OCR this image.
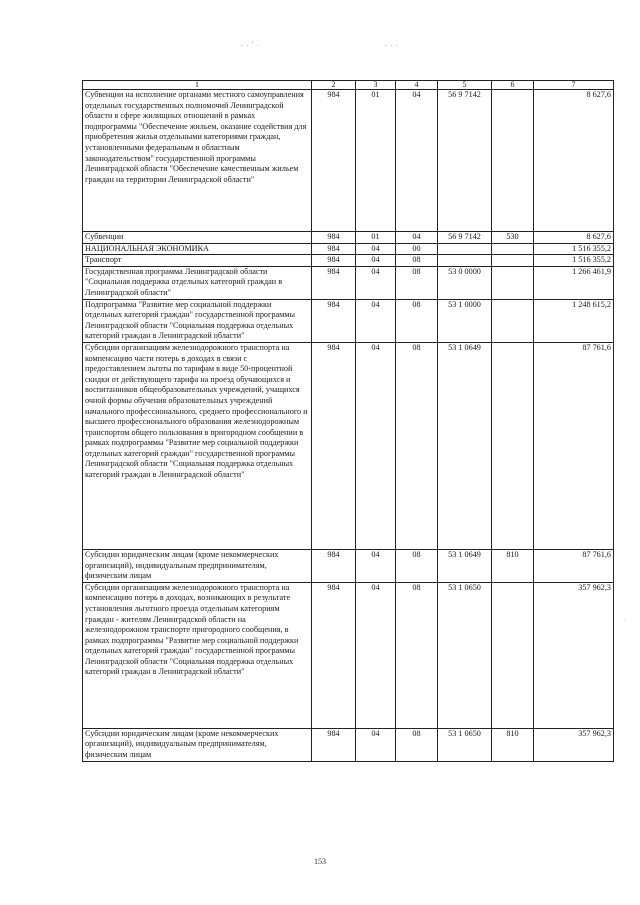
. . ' .	. . .
1	2	3	4	5	6	7
Субвенции на исполнение органами местного самоуправления отдельных государственных полномочий Ленинградской области в сфере жилищных отношений в рамках подпрограммы "Обеспечение жильем, оказание содействия для приобретения жилья отдельными категориями граждан, установленными федеральным и областным законодательством" государственной программы Ленинградской области "Обеспечение качественным жильем граждан на территории Ленинградской области"	984	01	04	56 9 7142		8 627,6
Субвенции	984	01	04	56 9 7142	530	8 627,6
НАЦИОНАЛЬНАЯ ЭКОНОМИКА	984	04	00			1 516 355,2
Транспорт	984	04	08			1 516 355,2
Государственная программа Ленинградской области "Социальная поддержка отдельных категорий граждан в Ленинградской области"	984	04	08	53 0 0000		1 266 461,9
Подпрограмма "Развитие мер социальной поддержки отдельных категорий граждан" государственной программы Ленинградской области "Социальная поддержка отдельных категорий граждан в Ленинградской области"	984	04	08	53 1 0000		1 248 615,2
Субсидии организациям железнодорожного транспорта на компенсацию части потерь в доходах в связи с предоставлением льготы по тарифам в виде 50-процентной скидки от действующего тарифа на проезд обучающихся и воспитанников общеобразовательных учреждений, учащихся очной формы обучения образовательных учреждений начального профессионального, среднего профессионального и высшего профессионального образования железнодорожным транспортом общего пользования в пригородном сообщении в рамках подпрограммы "Развитие мер социальной поддержки отдельных категорий граждан" государственной программы Ленинградской области "Социальная поддержка отдельных категорий граждан в Ленинградской области"	984	04	08	53 1 0649		87 761,6
Субсидии юридическим лицам (кроме некоммерческих организаций), индивидуальным предпринимателям, физическим лицам	984	04	08	53 1 0649	810	87 761,6
Субсидии организациям железнодорожного транспорта на компенсацию потерь в доходах, возникающих в результате установления льготного проезда отдельным категориям граждан - жителям Ленинградской области на железнодорожном транспорте пригородного сообщения, в рамках подпрограммы "Развитие мер социальной поддержки отдельных категорий граждан" государственной программы Ленинградской области "Социальная поддержка отдельных категорий граждан в Ленинградской области"	984	04	08	53 1 0650		357 962,3
Субсидии юридическим лицам (кроме некоммерческих организаций), индивидуальным предпринимателям, физическим лицам	984	04	08	53 1 0650	810	357 962,3
·
153
